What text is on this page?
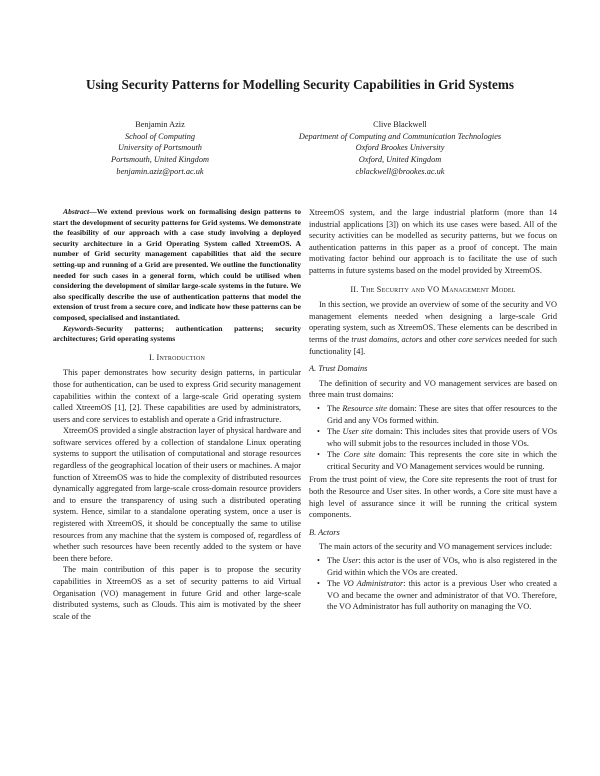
Using Security Patterns for Modelling Security Capabilities in Grid Systems
Benjamin Aziz
School of Computing
University of Portsmouth
Portsmouth, United Kingdom
benjamin.aziz@port.ac.uk
Clive Blackwell
Department of Computing and Communication Technologies
Oxford Brookes University
Oxford, United Kingdom
cblackwell@brookes.ac.uk

Abstract—We extend previous work on formalising design patterns to start the development of security patterns for Grid systems. We demonstrate the feasibility of our approach with a case study involving a deployed security architecture in a Grid Operating System called XtreemOS. A number of Grid security management capabilities that aid the secure setting-up and running of a Grid are presented. We outline the functionality needed for such cases in a general form, which could be utilised when considering the development of similar large-scale systems in the future. We also specifically describe the use of authentication patterns that model the extension of trust from a secure core, and indicate how these patterns can be composed, specialised and instantiated.

Keywords-Security patterns; authentication patterns; security architectures; Grid operating systems

I. Introduction

This paper demonstrates how security design patterns, in particular those for authentication, can be used to express Grid security management capabilities within the context of a large-scale Grid operating system called XtreemOS [1], [2]. These capabilities are used by administrators, users and core services to establish and operate a Grid infrastructure.

XtreemOS provided a single abstraction layer of physical hardware and software services offered by a collection of standalone Linux operating systems to support the utilisation of computational and storage resources regardless of the geographical location of their users or machines. A major function of XtreemOS was to hide the complexity of distributed resources dynamically aggregated from large-scale cross-domain resource providers and to ensure the transparency of using such a distributed operating system. Hence, similar to a standalone operating system, once a user is registered with XtreemOS, it should be conceptually the same to utilise resources from any machine that the system is composed of, regardless of whether such resources have been recently added to the system or have been there before.

The main contribution of this paper is to propose the security capabilities in XtreemOS as a set of security patterns to aid Virtual Organisation (VO) management in future Grid and other large-scale distributed systems, such as Clouds. This aim is motivated by the sheer scale of the

XtreemOS system, and the large industrial platform (more than 14 industrial applications [3]) on which its use cases were based. All of the security activities can be modelled as security patterns, but we focus on authentication patterns in this paper as a proof of concept. The main motivating factor behind our approach is to facilitate the use of such patterns in future systems based on the model provided by XtreemOS.

II. The Security and VO Management Model

In this section, we provide an overview of some of the security and VO management elements needed when designing a large-scale Grid operating system, such as XtreemOS. These elements can be described in terms of the trust domains, actors and other core services needed for such functionality [4].

A. Trust Domains

The definition of security and VO management services are based on three main trust domains:

• The Resource site domain: These are sites that offer resources to the Grid and any VOs formed within.
• The User site domain: This includes sites that provide users of VOs who will submit jobs to the resources included in those VOs.
• The Core site domain: This represents the core site in which the critical Security and VO Management services would be running.

From the trust point of view, the Core site represents the root of trust for both the Resource and User sites. In other words, a Core site must have a high level of assurance since it will be running the critical system components.

B. Actors

The main actors of the security and VO management services include:

• The User: this actor is the user of VOs, who is also registered in the Grid within which the VOs are created.
• The VO Administrator: this actor is a previous User who created a VO and became the owner and administrator of that VO. Therefore, the VO Administrator has full authority on managing the VO.
